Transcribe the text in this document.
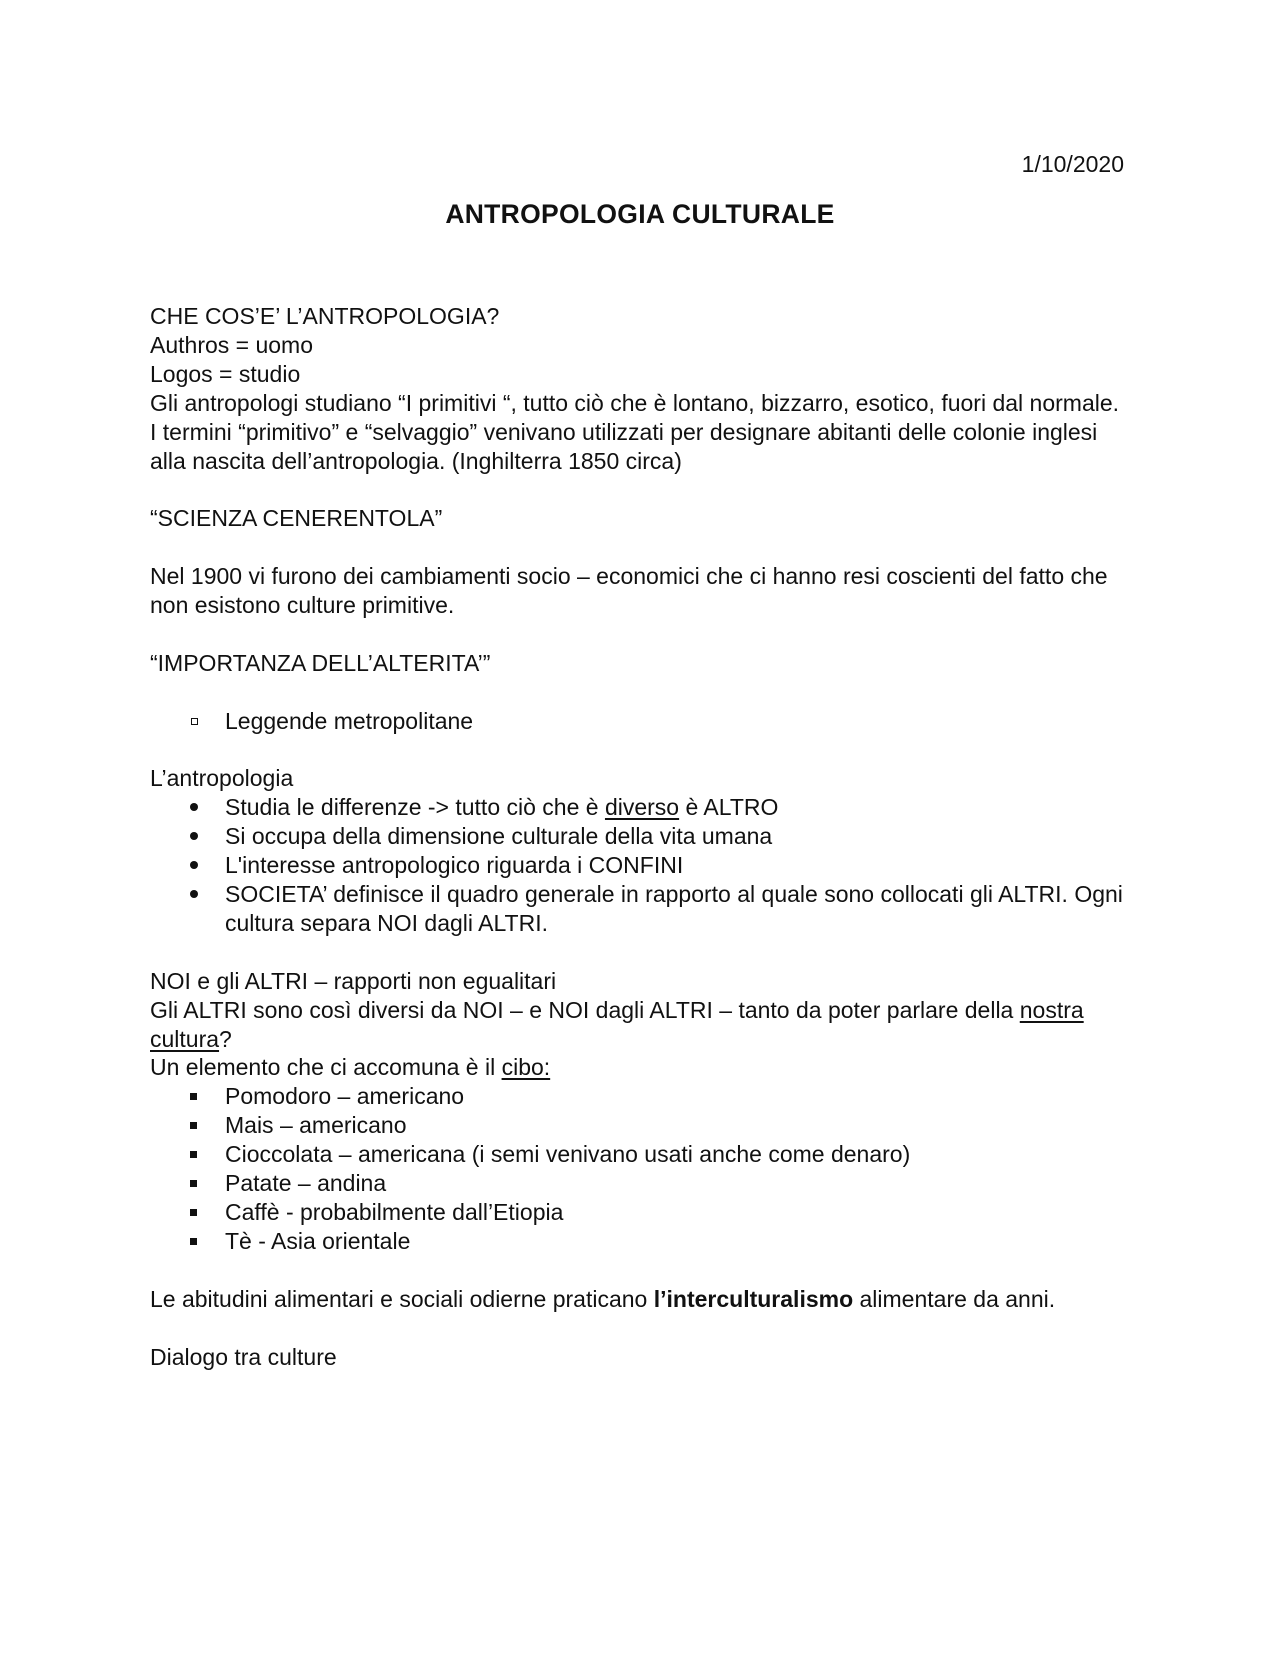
1/10/2020
ANTROPOLOGIA CULTURALE

CHE COS’E’ L’ANTROPOLOGIA?

Authros = uomo

Logos = studio

Gli antropologi studiano “I primitivi “, tutto ciò che è lontano, bizzarro, esotico, fuori dal normale.

I termini “primitivo” e “selvaggio” venivano utilizzati per designare abitanti delle colonie inglesi alla nascita dell’antropologia. (Inghilterra 1850 circa)

“SCIENZA CENERENTOLA”

Nel 1900 vi furono dei cambiamenti socio – economici che ci hanno resi coscienti del fatto che non esistono culture primitive.

“IMPORTANZA DELL’ALTERITA’”

Leggende metropolitane

L’antropologia

Studia le differenze -> tutto ciò che è diverso è ALTRO
Si occupa della dimensione culturale della vita umana
L'interesse antropologico riguarda i CONFINI
SOCIETA’ definisce il quadro generale in rapporto al quale sono collocati gli ALTRI. Ogni cultura separa NOI dagli ALTRI.

NOI e gli ALTRI – rapporti non egualitari

Gli ALTRI sono così diversi da NOI – e NOI dagli ALTRI – tanto da poter parlare della nostra cultura?

Un elemento che ci accomuna è il cibo:

Pomodoro – americano
Mais – americano
Cioccolata – americana (i semi venivano usati anche come denaro)
Patate – andina
Caffè - probabilmente dall’Etiopia
Tè - Asia orientale

Le abitudini alimentari e sociali odierne praticano l’interculturalismo alimentare da anni.

Dialogo tra culture
